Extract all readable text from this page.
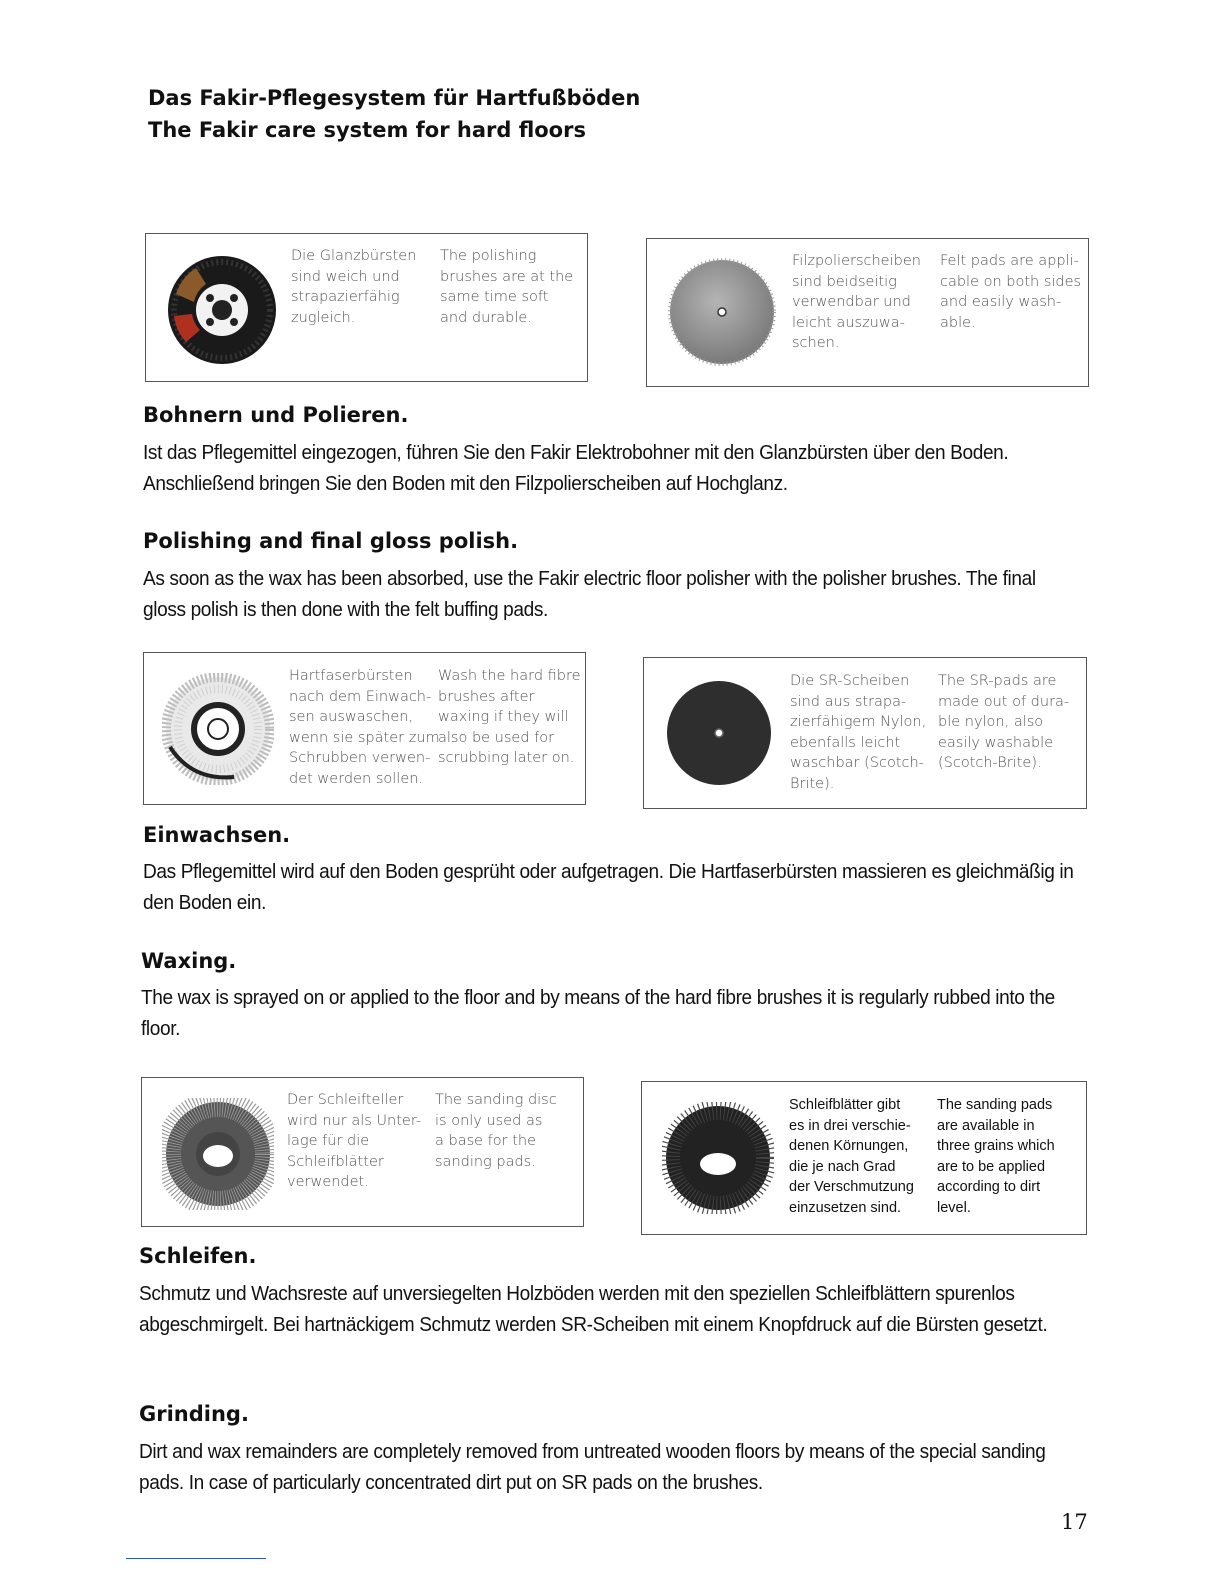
Das Fakir-Pflegesystem für Hartfußböden
The Fakir care system for hard floors
Die Glanzbürsten
sind weich und
strapazierfähig
zugleich.
The polishing
brushes are at the
same time soft
and durable.
Filzpolierscheiben
sind beidseitig
verwendbar und
leicht auszuwa-
schen.
Felt pads are appli-
cable on both sides
and easily wash-
able.
Bohnern und Polieren.
Ist das Pflegemittel eingezogen, führen Sie den Fakir Elektrobohner mit den Glanzbürsten über den Boden. Anschließend bringen Sie den Boden mit den Filzpolierscheiben auf Hochglanz.
Polishing and final gloss polish.
As soon as the wax has been absorbed, use the Fakir electric floor polisher with the polisher brushes. The final gloss polish is then done with the felt buffing pads.
Hartfaserbürsten
nach dem Einwach-
sen auswaschen,
wenn sie später zum
Schrubben verwen-
det werden sollen.
Wash the hard fibre
brushes after
waxing if they will
also be used for
scrubbing later on.
Die SR-Scheiben
sind aus strapa-
zierfähigem Nylon,
ebenfalls leicht
waschbar (Scotch-
Brite).
The SR-pads are
made out of dura-
ble nylon, also
easily washable
(Scotch-Brite).
Einwachsen.
Das Pflegemittel wird auf den Boden gesprüht oder aufgetragen. Die Hartfaserbürsten massieren es gleichmäßig in den Boden ein.
Waxing.
The wax is sprayed on or applied to the floor and by means of the hard fibre brushes it is regularly rubbed into the floor.
Der Schleifteller
wird nur als Unter-
lage für die
Schleifblätter
verwendet.
The sanding disc
is only used as
a base for the
sanding pads.
Schleifblätter gibt
es in drei verschie-
denen Körnungen,
die je nach Grad
der Verschmutzung
einzusetzen sind.
The sanding pads
are available in
three grains which
are to be applied
according to dirt
level.
Schleifen.
Schmutz und Wachsreste auf unversiegelten Holzböden werden mit den speziellen Schleifblättern spurenlos abgeschmirgelt. Bei hartnäckigem Schmutz werden SR-Scheiben mit einem Knopfdruck auf die Bürsten gesetzt.
Grinding.
Dirt and wax remainders are completely removed from untreated wooden floors by means of the special sanding pads. In case of particularly concentrated dirt put on SR pads on the brushes.
17
